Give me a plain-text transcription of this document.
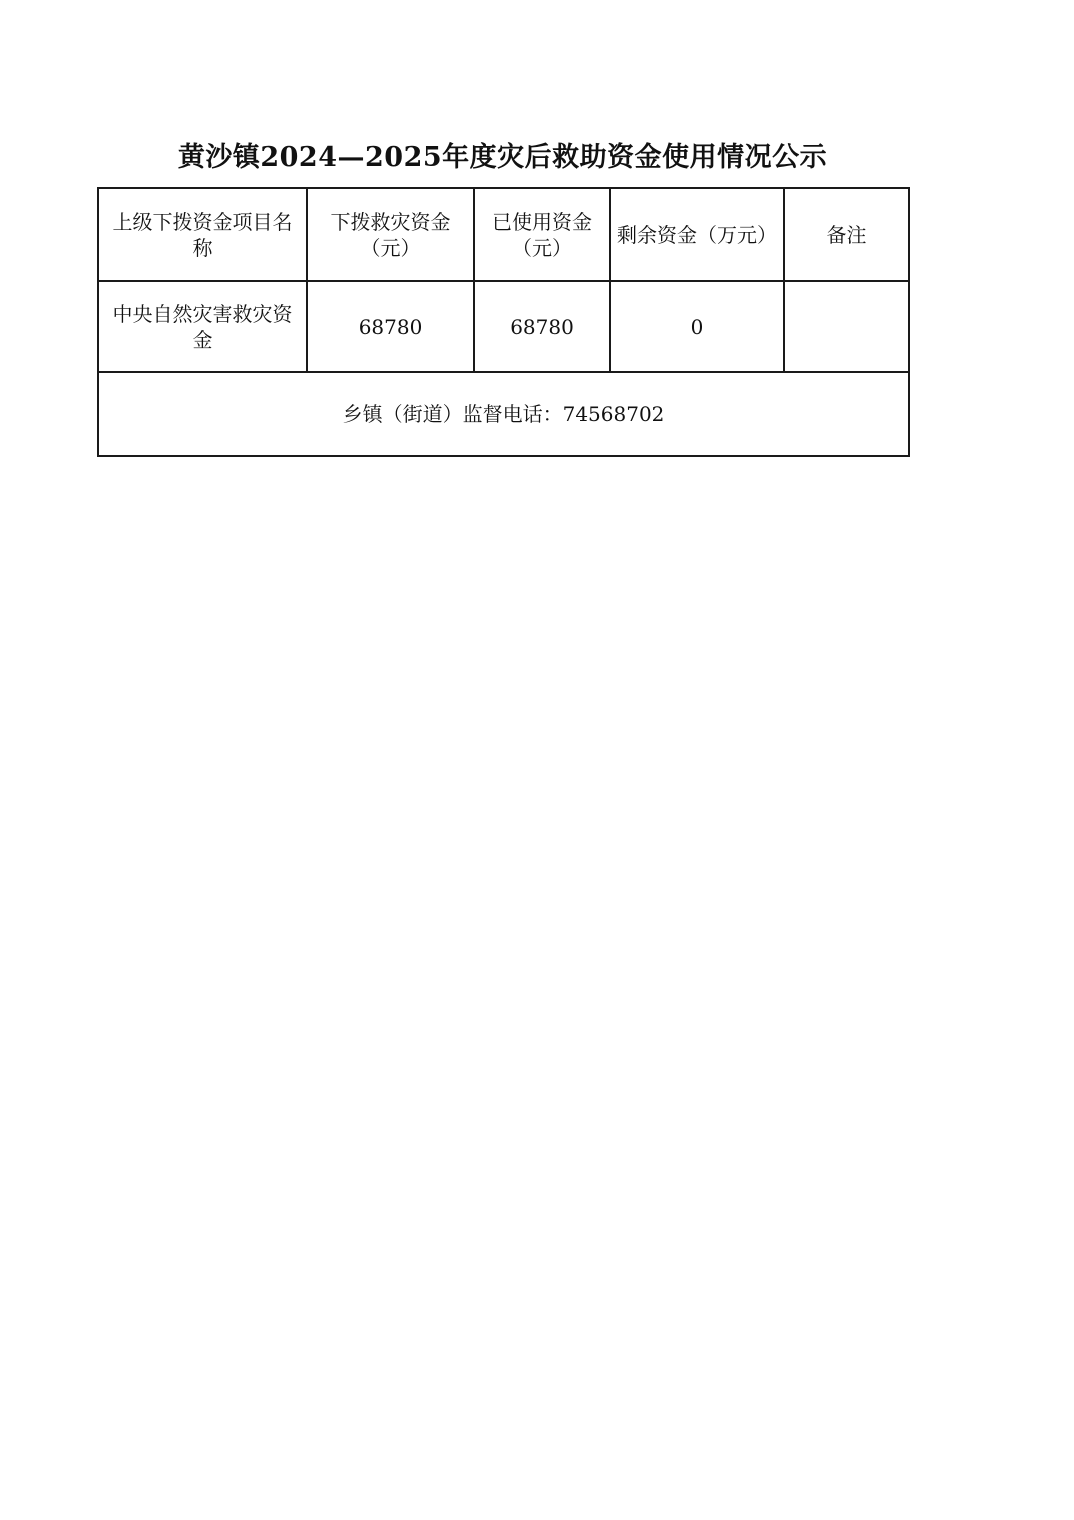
黄沙镇2024—2025年度灾后救助资金使用情况公示
上级下拨资金项目名称	下拨救灾资金（元）	已使用资金（元）	剩余资金（万元）	备注
中央自然灾害救灾资金	68780	68780	0	
乡镇（街道）监督电话：74568702				
